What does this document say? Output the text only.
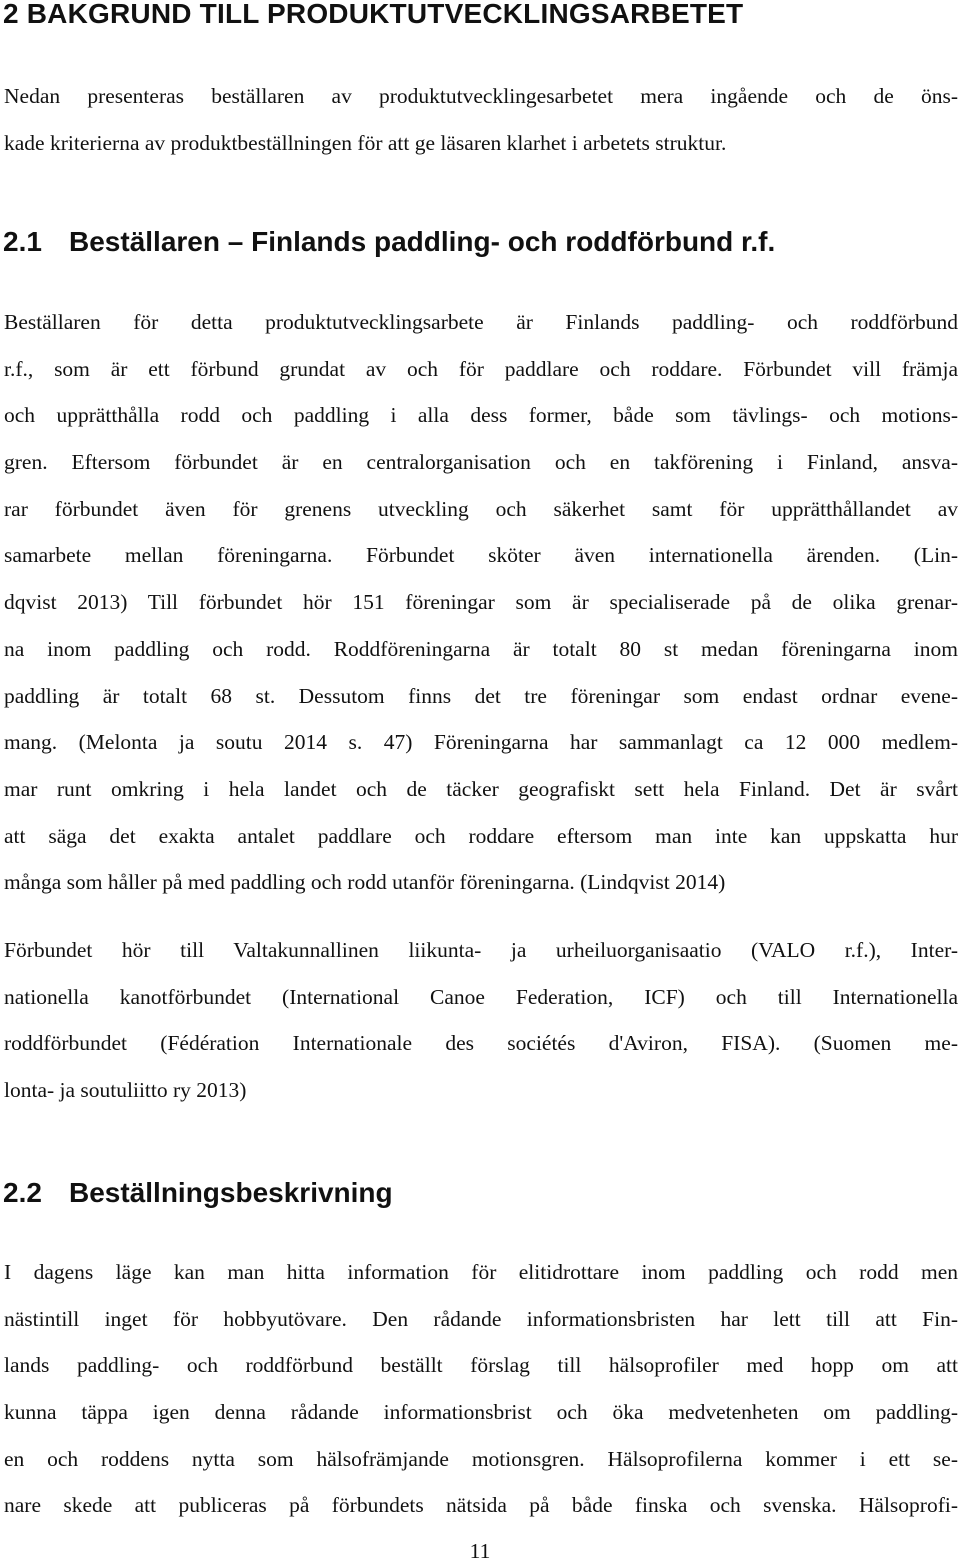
2 BAKGRUND TILL PRODUKTUTVECKLINGSARBETET
Nedan presenteras beställaren av produktutvecklingesarbetet mera ingående och de öns-
kade kriterierna av produktbeställningen för att ge läsaren klarhet i arbetets struktur.
2.1 Beställaren – Finlands paddling- och roddförbund r.f.
Beställaren för detta produktutvecklingsarbete är Finlands paddling- och roddförbund
r.f., som är ett förbund grundat av och för paddlare och roddare. Förbundet vill främja
och upprätthålla rodd och paddling i alla dess former, både som tävlings- och motions-
gren. Eftersom förbundet är en centralorganisation och en takförening i Finland, ansva-
rar förbundet även för grenens utveckling och säkerhet samt för upprätthållandet av
samarbete mellan föreningarna. Förbundet sköter även internationella ärenden. (Lin-
dqvist 2013) Till förbundet hör 151 föreningar som är specialiserade på de olika grenar-
na inom paddling och rodd. Roddföreningarna är totalt 80 st medan föreningarna inom
paddling är totalt 68 st. Dessutom finns det tre föreningar som endast ordnar evene-
mang. (Melonta ja soutu 2014 s. 47) Föreningarna har sammanlagt ca 12 000 medlem-
mar runt omkring i hela landet och de täcker geografiskt sett hela Finland. Det är svårt
att säga det exakta antalet paddlare och roddare eftersom man inte kan uppskatta hur
många som håller på med paddling och rodd utanför föreningarna. (Lindqvist 2014)
Förbundet hör till Valtakunnallinen liikunta- ja urheiluorganisaatio (VALO r.f.), Inter-
nationella kanotförbundet (International Canoe Federation, ICF) och till Internationella
roddförbundet (Fédération Internationale des sociétés d'Aviron, FISA). (Suomen me-
lonta- ja soutuliitto ry 2013)
2.2 Beställningsbeskrivning
I dagens läge kan man hitta information för elitidrottare inom paddling och rodd men
nästintill inget för hobbyutövare. Den rådande informationsbristen har lett till att Fin-
lands paddling- och roddförbund beställt förslag till hälsoprofiler med hopp om att
kunna täppa igen denna rådande informationsbrist och öka medvetenheten om paddling-
en och roddens nytta som hälsofrämjande motionsgren. Hälsoprofilerna kommer i ett se-
nare skede att publiceras på förbundets nätsida på både finska och svenska. Hälsoprofi-
11
